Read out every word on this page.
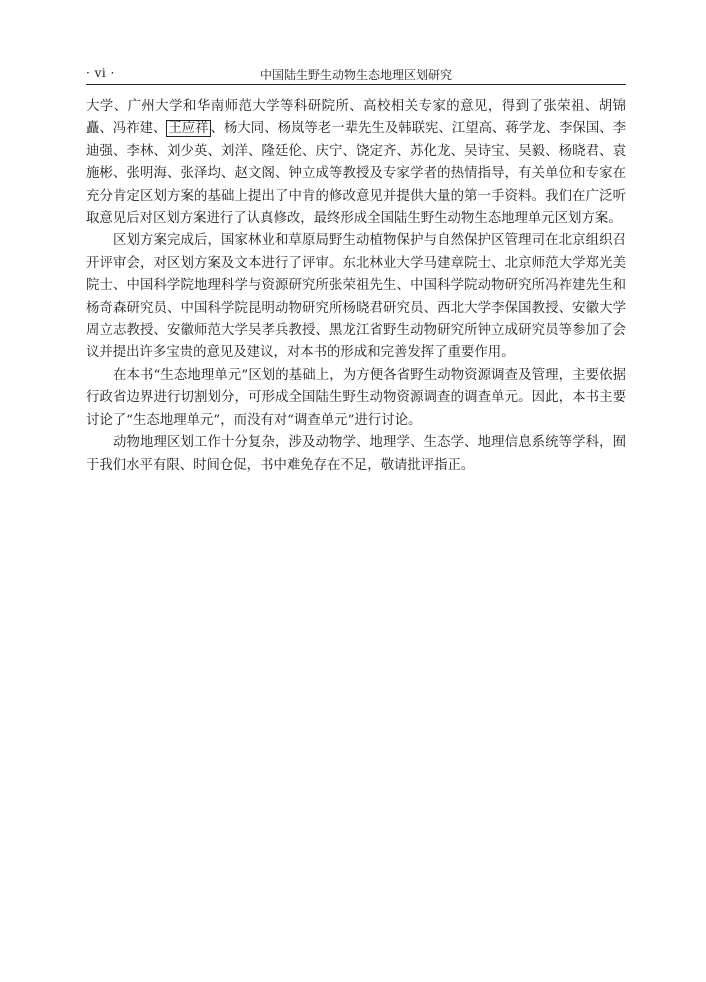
· vi ·	中国陆生野生动物生态地理区划研究

大学、广州大学和华南师范大学等科研院所、高校相关专家的意见，得到了张荣祖、胡锦矗、冯祚建、 王应祥 、杨大同、杨岚等老一辈先生及韩联宪、江望高、蒋学龙、李保国、李迪强、李林、刘少英、刘洋、隆廷伦、庆宁、饶定齐、苏化龙、吴诗宝、吴毅、杨晓君、袁施彬、张明海、张泽均、赵文阁、钟立成等教授及专家学者的热情指导，有关单位和专家在充分肯定区划方案的基础上提出了中肯的修改意见并提供大量的第一手资料。我们在广泛听取意见后对区划方案进行了认真修改，最终形成全国陆生野生动物生态地理单元区划方案。

区划方案完成后，国家林业和草原局野生动植物保护与自然保护区管理司在北京组织召开评审会，对区划方案及文本进行了评审。东北林业大学马建章院士、北京师范大学郑光美院士、中国科学院地理科学与资源研究所张荣祖先生、中国科学院动物研究所冯祚建先生和杨奇森研究员、中国科学院昆明动物研究所杨晓君研究员、西北大学李保国教授、安徽大学周立志教授、安徽师范大学吴孝兵教授、黑龙江省野生动物研究所钟立成研究员等参加了会议并提出许多宝贵的意见及建议，对本书的形成和完善发挥了重要作用。

在本书“生态地理单元”区划的基础上，为方便各省野生动物资源调查及管理，主要依据行政省边界进行切割划分，可形成全国陆生野生动物资源调查的调查单元。因此，本书主要讨论了“生态地理单元”，而没有对“调查单元”进行讨论。

动物地理区划工作十分复杂，涉及动物学、地理学、生态学、地理信息系统等学科，囿于我们水平有限、时间仓促，书中难免存在不足，敬请批评指正。
